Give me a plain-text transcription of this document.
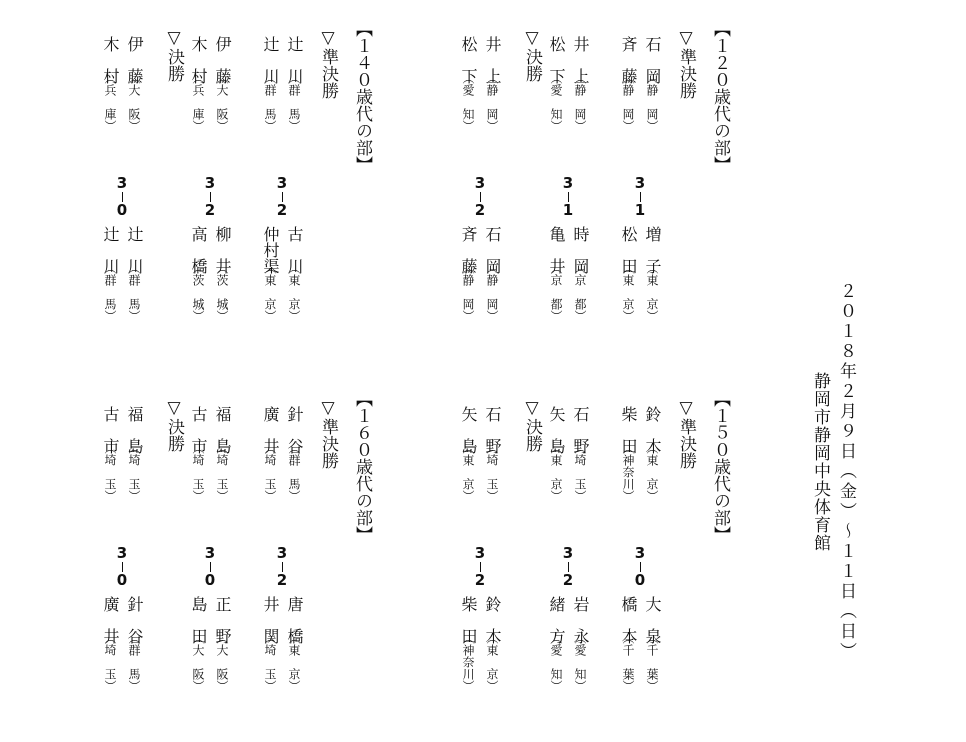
２０１８年２月９日（金）～１１日（日）
静岡市静岡中央体育館
【１２０歳代の部】
▽準決勝
石　岡
（静　岡）
斉　藤
（静　岡）
3
1
増　子
（東　京）
松　田
（東　京）
井　上
（静　岡）
松　下
（愛　知）
3
1
時　岡
（京　都）
亀　井
（京　都）
▽決勝
井　上
（静　岡）
松　下
（愛　知）
3
2
石　岡
（静　岡）
斉　藤
（静　岡）
【１４０歳代の部】
▽準決勝
辻　川
（群　馬）
辻　川
（群　馬）
3
2
古　川
（東　京）
仲村渠
（東　京）
伊　藤
（大　阪）
木　村
（兵　庫）
3
2
柳　井
（茨　城）
高　橋
（茨　城）
▽決勝
伊　藤
（大　阪）
木　村
（兵　庫）
3
0
辻　川
（群　馬）
辻　川
（群　馬）
【１５０歳代の部】
▽準決勝
鈴　木
（東　京）
柴　田
（神奈川）
3
0
大　泉
（千　葉）
橋　本
（千　葉）
石　野
（埼　玉）
矢　島
（東　京）
3
2
岩　永
（愛　知）
緒　方
（愛　知）
▽決勝
石　野
（埼　玉）
矢　島
（東　京）
3
2
鈴　木
（東　京）
柴　田
（神奈川）
【１６０歳代の部】
▽準決勝
針　谷
（群　馬）
廣　井
（埼　玉）
3
2
唐　橋
（東　京）
井　関
（埼　玉）
福　島
（埼　玉）
古　市
（埼　玉）
3
0
正　野
（大　阪）
島　田
（大　阪）
▽決勝
福　島
（埼　玉）
古　市
（埼　玉）
3
0
針　谷
（群　馬）
廣　井
（埼　玉）
